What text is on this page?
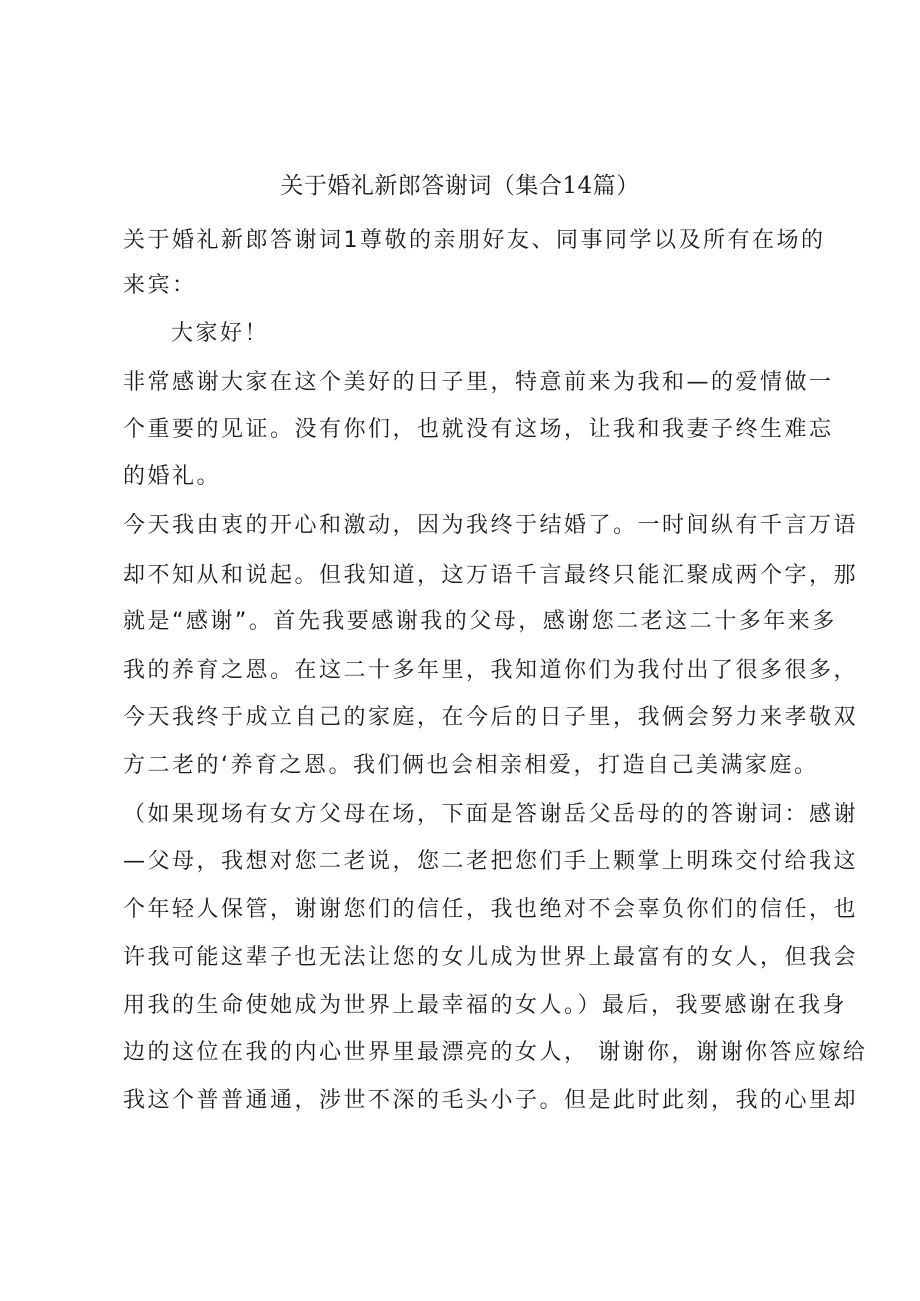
关于婚礼新郎答谢词（集合14篇）
关于婚礼新郎答谢词1尊敬的亲朋好友、同事同学以及所有在场的
来宾：
大家好！
非常感谢大家在这个美好的日子里，特意前来为我和—的爱情做一
个重要的见证。没有你们，也就没有这场，让我和我妻子终生难忘
的婚礼。
今天我由衷的开心和激动，因为我终于结婚了。一时间纵有千言万语
却不知从和说起。但我知道，这万语千言最终只能汇聚成两个字，那
就是“感谢”。首先我要感谢我的父母，感谢您二老这二十多年来多
我的养育之恩。在这二十多年里，我知道你们为我付出了很多很多，
今天我终于成立自己的家庭，在今后的日子里，我俩会努力来孝敬双
方二老的‘养育之恩。我们俩也会相亲相爱，打造自己美满家庭。
（如果现场有女方父母在场，下面是答谢岳父岳母的的答谢词：感谢
—父母，我想对您二老说，您二老把您们手上颗掌上明珠交付给我这
个年轻人保管，谢谢您们的信任，我也绝对不会辜负你们的信任，也
许我可能这辈子也无法让您的女儿成为世界上最富有的女人，但我会
用我的生命使她成为世界上最幸福的女人。）最后，我要感谢在我身
边的这位在我的内心世界里最漂亮的女人， 谢谢你，谢谢你答应嫁给
我这个普普通通，涉世不深的毛头小子。但是此时此刻，我的心里却
